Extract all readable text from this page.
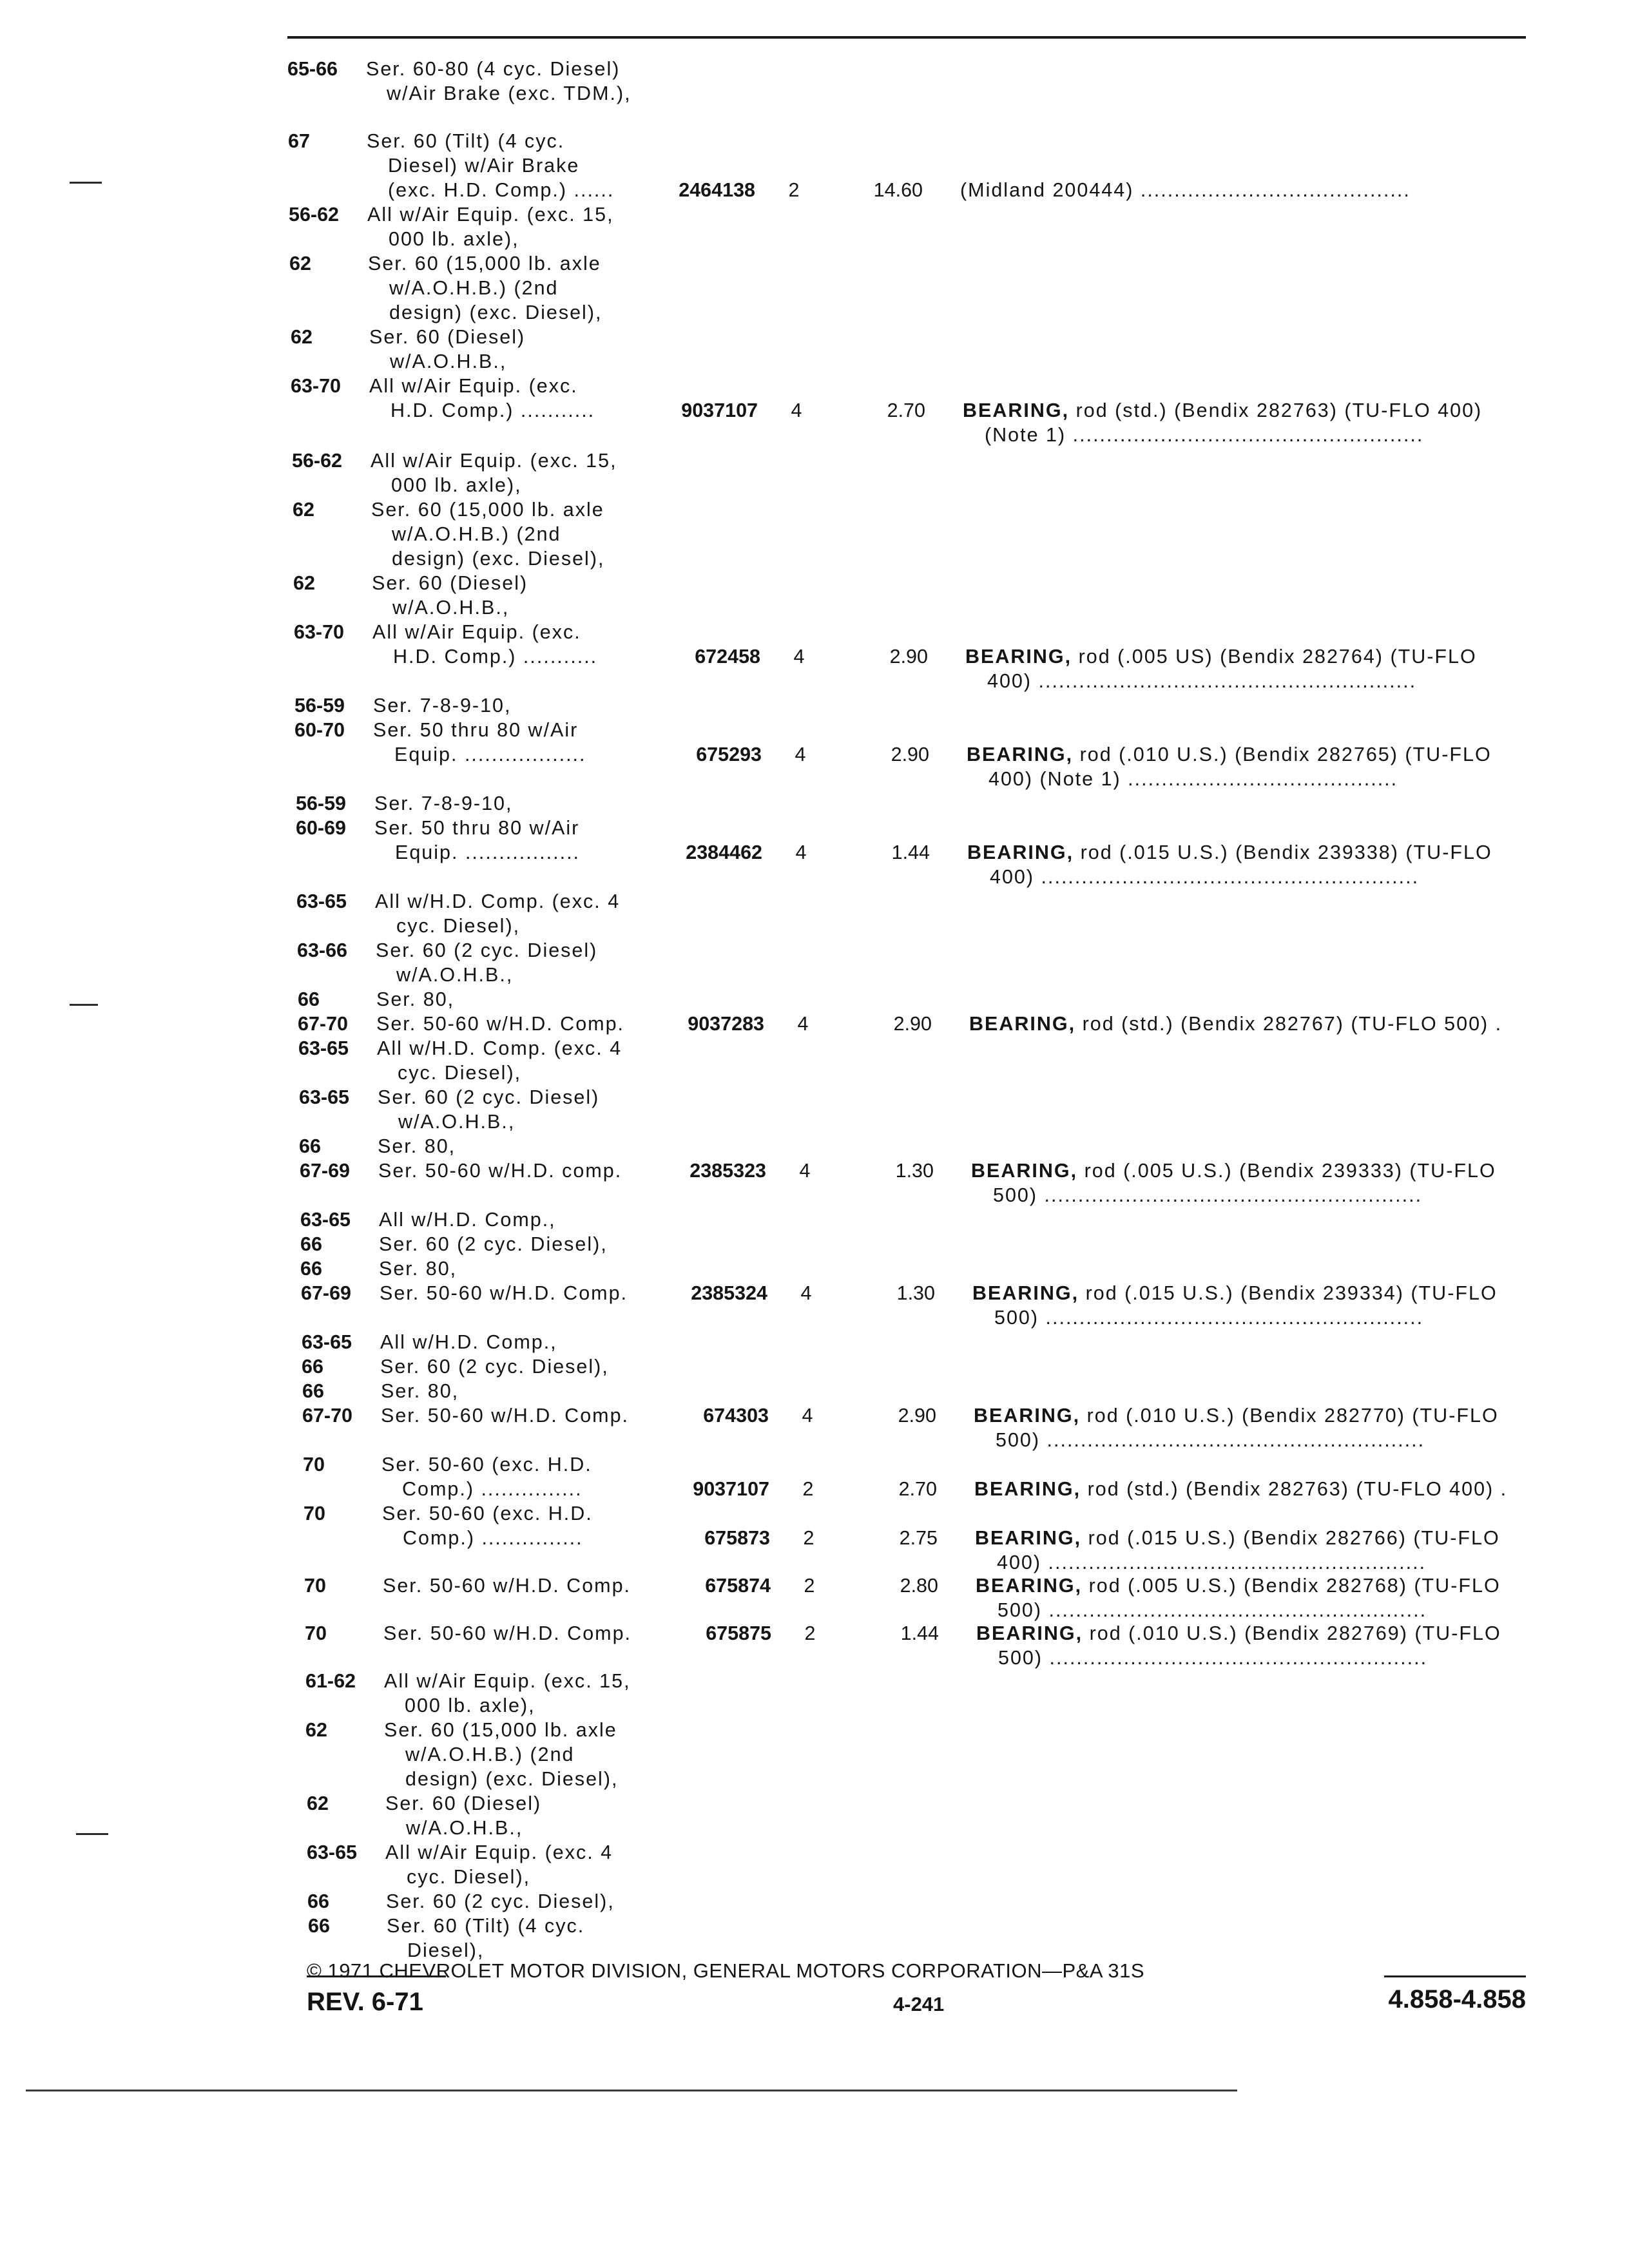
65-66 Ser. 60-80 (4 cyc. Diesel)
w/Air Brake (exc. TDM.),
67	Ser. 60 (Tilt) (4 cyc.
Diesel) w/Air Brake
(exc. H.D. Comp.) ......	2464138	2	14.60 (Midland 200444) ........................................
56-62 All w/Air Equip. (exc. 15,
000 lb. axle),
62	Ser. 60 (15,000 lb. axle
w/A.O.H.B.) (2nd
design) (exc. Diesel),
62	Ser. 60 (Diesel)
w/A.O.H.B.,
63-70 All w/Air Equip. (exc.
H.D. Comp.) ...........	9037107	4	2.70 BEARING, rod (std.) (Bendix 282763) (TU-FLO 400)
(Note 1) ....................................................
56-62 All w/Air Equip. (exc. 15,
000 lb. axle),
62	Ser. 60 (15,000 lb. axle
w/A.O.H.B.) (2nd
design) (exc. Diesel),
62	Ser. 60 (Diesel)
w/A.O.H.B.,
63-70 All w/Air Equip. (exc.
H.D. Comp.) ...........	672458	4	2.90 BEARING, rod (.005 US) (Bendix 282764) (TU-FLO
400) ........................................................
56-59 Ser. 7-8-9-10,
60-70 Ser. 50 thru 80 w/Air
Equip. ..................	675293	4	2.90 BEARING, rod (.010 U.S.) (Bendix 282765) (TU-FLO
400) (Note 1) ........................................
56-59 Ser. 7-8-9-10,
60-69 Ser. 50 thru 80 w/Air
Equip. .................	2384462	4	1.44 BEARING, rod (.015 U.S.) (Bendix 239338) (TU-FLO
400) ........................................................
63-65 All w/H.D. Comp. (exc. 4
cyc. Diesel),
63-66 Ser. 60 (2 cyc. Diesel)
w/A.O.H.B.,
66	Ser. 80,
67-70 Ser. 50-60 w/H.D. Comp.	9037283	4	2.90 BEARING, rod (std.) (Bendix 282767) (TU-FLO 500) .
63-65 All w/H.D. Comp. (exc. 4
cyc. Diesel),
63-65 Ser. 60 (2 cyc. Diesel)
w/A.O.H.B.,
66	Ser. 80,
67-69 Ser. 50-60 w/H.D. comp.	2385323	4	1.30 BEARING, rod (.005 U.S.) (Bendix 239333) (TU-FLO
500) ........................................................
63-65 All w/H.D. Comp.,
66	Ser. 60 (2 cyc. Diesel),
66	Ser. 80,
67-69 Ser. 50-60 w/H.D. Comp.	2385324	4	1.30 BEARING, rod (.015 U.S.) (Bendix 239334) (TU-FLO
500) ........................................................
63-65 All w/H.D. Comp.,
66	Ser. 60 (2 cyc. Diesel),
66	Ser. 80,
67-70 Ser. 50-60 w/H.D. Comp.	674303	4	2.90 BEARING, rod (.010 U.S.) (Bendix 282770) (TU-FLO
500) ........................................................
70	Ser. 50-60 (exc. H.D.
Comp.) ...............	9037107	2	2.70 BEARING, rod (std.) (Bendix 282763) (TU-FLO 400) .
70	Ser. 50-60 (exc. H.D.
Comp.) ...............	675873	2	2.75 BEARING, rod (.015 U.S.) (Bendix 282766) (TU-FLO
400) ........................................................
70	Ser. 50-60 w/H.D. Comp.	675874	2	2.80 BEARING, rod (.005 U.S.) (Bendix 282768) (TU-FLO
500) ........................................................
70	Ser. 50-60 w/H.D. Comp.	675875	2	1.44 BEARING, rod (.010 U.S.) (Bendix 282769) (TU-FLO
500) ........................................................
61-62 All w/Air Equip. (exc. 15,
000 lb. axle),
62	Ser. 60 (15,000 lb. axle
w/A.O.H.B.) (2nd
design) (exc. Diesel),
62	Ser. 60 (Diesel)
w/A.O.H.B.,
63-65 All w/Air Equip. (exc. 4
cyc. Diesel),
66	Ser. 60 (2 cyc. Diesel),
66	Ser. 60 (Tilt) (4 cyc.
Diesel),
© 1971 CHEVROLET MOTOR DIVISION, GENERAL MOTORS CORPORATION—P&A 31S
REV. 6-71	4-241	4.858-4.858
